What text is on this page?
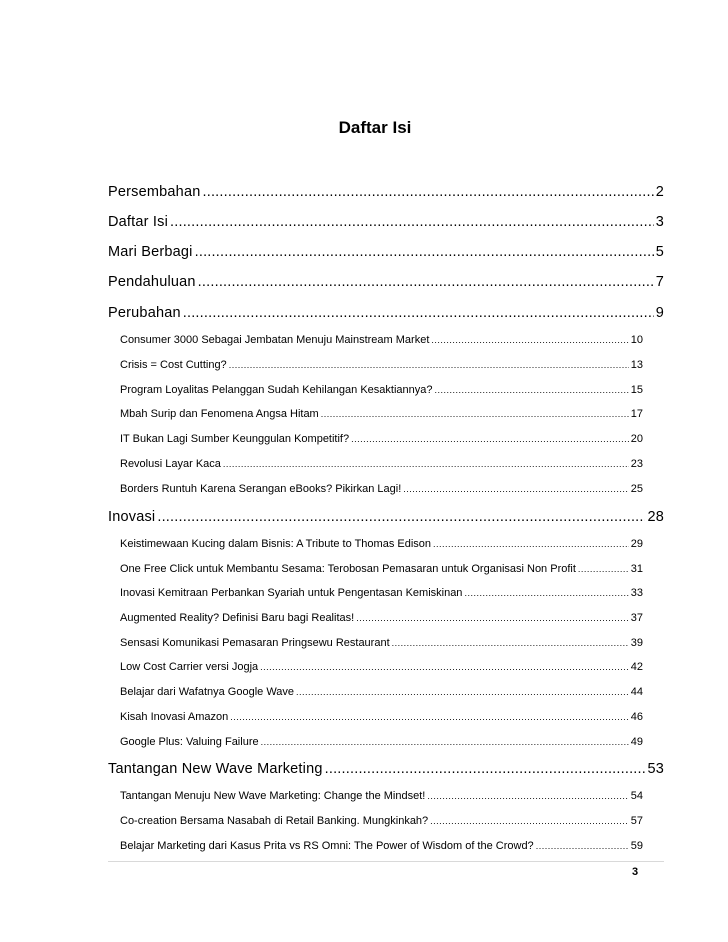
Daftar Isi
Persembahan .....	2
Daftar Isi .....	3
Mari Berbagi .....	5
Pendahuluan .....	7
Perubahan .....	9
Consumer 3000 Sebagai Jembatan Menuju Mainstream Market .....	10
Crisis = Cost Cutting? .....	13
Program Loyalitas Pelanggan Sudah Kehilangan Kesaktiannya? .....	15
Mbah Surip dan Fenomena Angsa Hitam .....	17
IT Bukan Lagi Sumber Keunggulan Kompetitif? .....	20
Revolusi Layar Kaca .....	23
Borders Runtuh Karena Serangan eBooks? Pikirkan Lagi! .....	25
Inovasi .....	28
Keistimewaan Kucing dalam Bisnis: A Tribute to Thomas Edison .....	29
One Free Click untuk Membantu Sesama: Terobosan Pemasaran untuk Organisasi Non Profit .....	31
Inovasi Kemitraan Perbankan Syariah untuk Pengentasan Kemiskinan .....	33
Augmented Reality? Definisi Baru bagi Realitas! .....	37
Sensasi Komunikasi Pemasaran Pringsewu Restaurant .....	39
Low Cost Carrier versi Jogja .....	42
Belajar dari Wafatnya Google Wave .....	44
Kisah Inovasi Amazon .....	46
Google Plus: Valuing Failure .....	49
Tantangan New Wave Marketing .....	53
Tantangan Menuju New Wave Marketing: Change the Mindset! .....	54
Co-creation Bersama Nasabah di Retail Banking. Mungkinkah? .....	57
Belajar Marketing dari Kasus Prita vs RS Omni: The Power of Wisdom of the Crowd? .....	59
3
